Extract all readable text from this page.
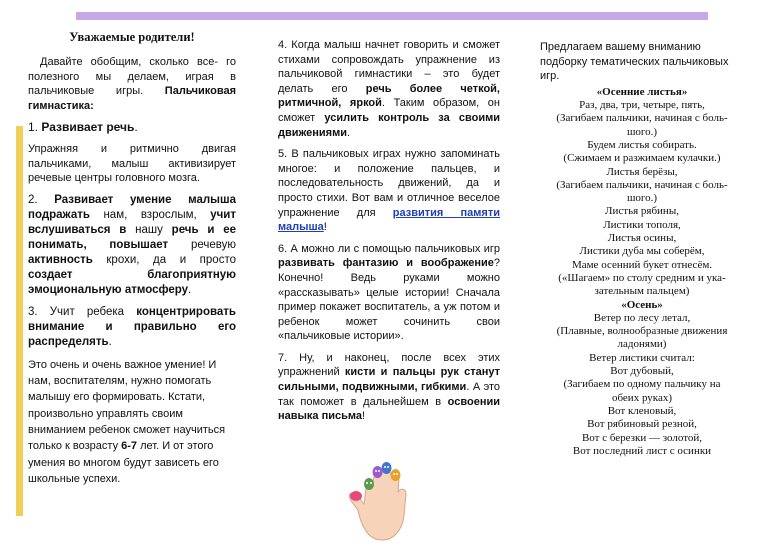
Уважаемые родители!

Давайте обобщим, сколько все- го полезного мы делаем, играя в пальчиковые игры. Пальчиковая гимнастика:

1. Развивает речь.

Упражняя и ритмично двигая пальчиками, малыш активизирует речевые центры головного мозга.

2. Развивает умение малыша подражать нам, взрослым, учит вслушиваться в нашу речь и ее понимать, повышает речевую активность крохи, да и просто создает благоприятную эмоциональную атмосферу.

3. Учит ребека концентрировать внимание и правильно его распределять.

Это очень и очень важное умение! И нам, воспитателям, нужно помогать малышу его формировать. Кстати, произвольно управлять своим вниманием ребенок сможет научиться только к возрасту 6-7 лет. И от этого умения во многом будут зависеть его школьные успехи.

4. Когда малыш начнет говорить и сможет стихами сопровождать упражнение из пальчиковой гимнастики – это будет делать его речь более четкой, ритмичной, яркой. Таким образом, он сможет усилить контроль за своими движениями.

5. В пальчиковых играх нужно запоминать многое: и положение пальцев, и последовательность движений, да и просто стихи. Вот вам и отличное веселое упражнение для развития памяти малыша!

6. А можно ли с помощью пальчиковых игр развивать фантазию и воображение? Конечно! Ведь руками можно «рассказывать» целые истории! Сначала пример покажет воспитатель, а уж потом и ребенок может сочинить свои «пальчиковые истории».

7. Ну, и наконец, после всех этих упражнений кисти и пальцы рук станут сильными, подвижными, гибкими. А это так поможет в дальнейшем в освоении навыка письма!

Предлагаем вашему вниманию подборку тематических пальчиковых игр.

«Осенние листья»

Раз, два, три, четыре, пять,

(Загибаем пальчики, начиная с боль-

шого.)

Будем листья собирать.

(Сжимаем и разжимаем кулачки.)

Листья берёзы,

(Загибаем пальчики, начиная с боль-

шого.)

Листья рябины,

Листики тополя,

Листья осины,

Листики дуба мы соберём,

Маме осенний букет отнесём.

(«Шагаем» по столу средним и ука-

зательным пальцем)

«Осень»

Ветер по лесу летал,

(Плавные, волнообразные движения

ладонями)

Ветер листики считал:

Вот дубовый,

(Загибаем по одному пальчику на

обеих руках)

Вот кленовый,

Вот рябиновый резной,

Вот с березки — золотой,

Вот последний лист с осинки
